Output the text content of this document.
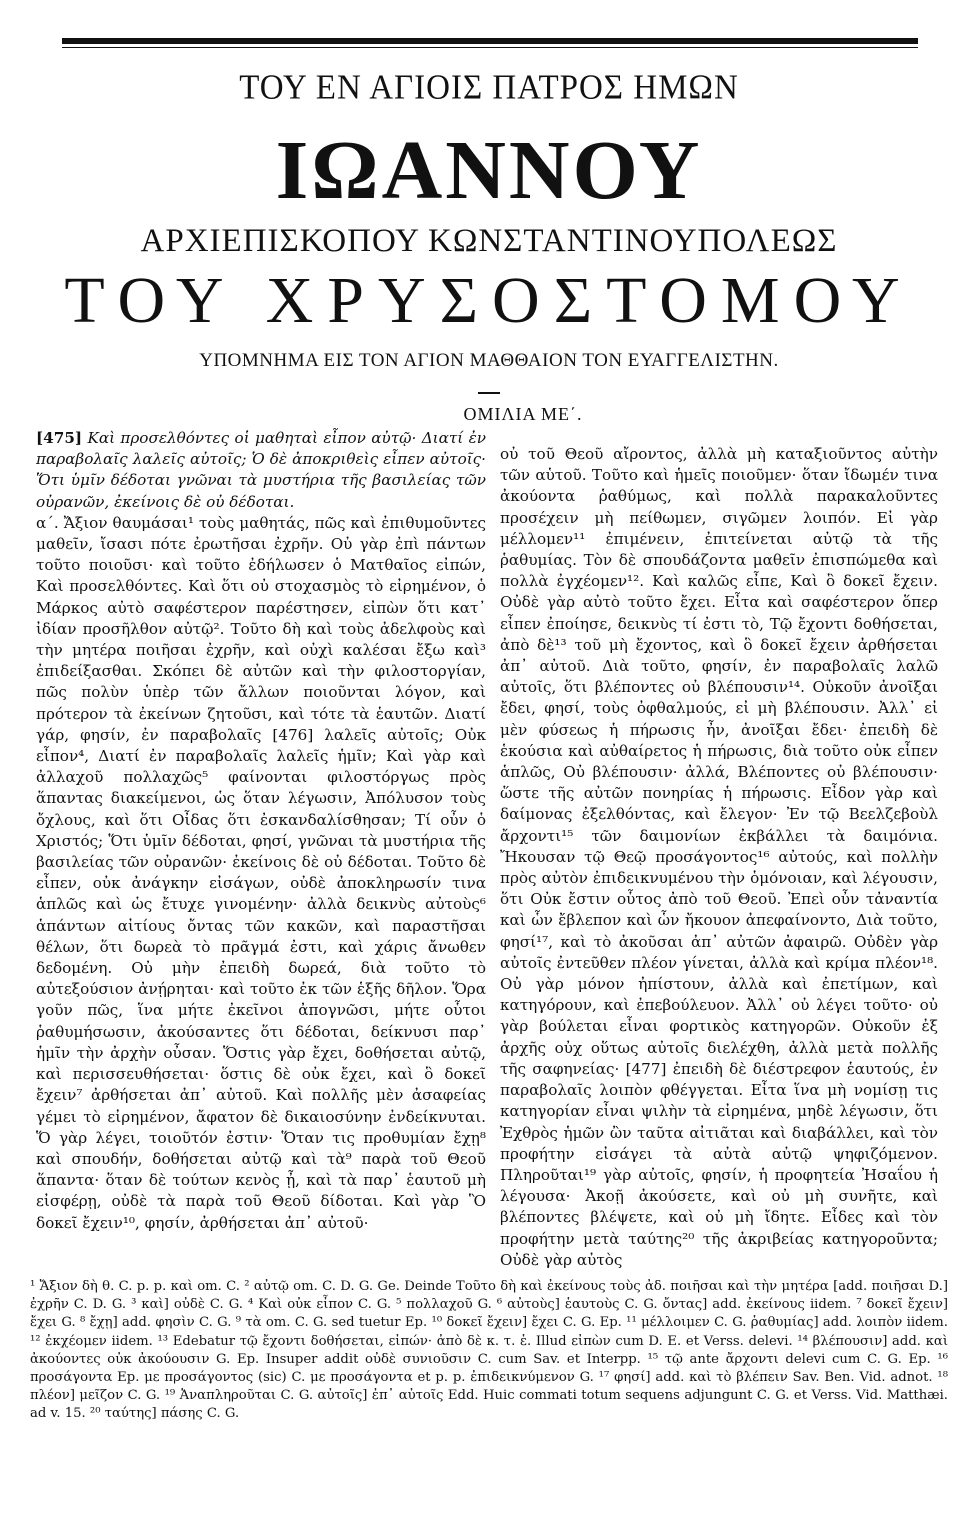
ΤΟΥ ΕΝ ΑΓΙΟΙΣ ΠΑΤΡΟΣ ΗΜΩΝ
ΙΩΑΝΝΟΥ
ΑΡΧΙΕΠΙΣΚΟΠΟΥ ΚΩΝΣΤΑΝΤΙΝΟΥΠΟΛΕΩΣ
ΤΟΥ ΧΡΥΣΟΣΤΟΜΟΥ
ΥΠΟΜΝΗΜΑ ΕΙΣ ΤΟΝ ΑΓΙΟΝ ΜΑΘΘΑΙΟΝ ΤΟΝ ΕΥΑΓΓΕΛΙΣΤΗΝ.
ΟΜΙΛΙΑ ΜΕ΄.

[475] Καὶ προσελθόντες οἱ μαθηταὶ εἶπον αὐτῷ· Διατί ἐν παραβολαῖς λαλεῖς αὐτοῖς; Ὁ δὲ ἀποκριθεὶς εἶπεν αὐτοῖς· Ὅτι ὑμῖν δέδοται γνῶναι τὰ μυστήρια τῆς βασιλείας τῶν οὐρανῶν, ἐκείνοις δὲ οὐ δέδοται.

α΄. Ἄξιον θαυμάσαι¹ τοὺς μαθητάς, πῶς καὶ ἐπιθυμοῦντες μαθεῖν, ἴσασι πότε ἐρωτῆσαι ἐχρῆν. Οὐ γὰρ ἐπὶ πάντων τοῦτο ποιοῦσι· καὶ τοῦτο ἐδήλωσεν ὁ Ματθαῖος εἰπών, Καὶ προσελθόντες. Καὶ ὅτι οὐ στοχασμὸς τὸ εἰρημένον, ὁ Μάρκος αὐτὸ σαφέστερον παρέστησεν, εἰπὼν ὅτι κατ᾽ ἰδίαν προσῆλθον αὐτῷ². Τοῦτο δὴ καὶ τοὺς ἀδελφοὺς καὶ τὴν μητέρα ποιῆσαι ἐχρῆν, καὶ οὐχὶ καλέσαι ἔξω καὶ³ ἐπιδείξασθαι. Σκόπει δὲ αὐτῶν καὶ τὴν φιλοστοργίαν, πῶς πολὺν ὑπὲρ τῶν ἄλλων ποιοῦνται λόγον, καὶ πρότερον τὰ ἐκείνων ζητοῦσι, καὶ τότε τὰ ἑαυτῶν. Διατί γάρ, φησίν, ἐν παραβολαῖς [476] λαλεῖς αὐτοῖς; Οὐκ εἶπον⁴, Διατί ἐν παραβολαῖς λαλεῖς ἡμῖν; Καὶ γὰρ καὶ ἀλλαχοῦ πολλαχῶς⁵ φαίνονται φιλοστόργως πρὸς ἅπαντας διακείμενοι, ὡς ὅταν λέγωσιν, Ἀπόλυσον τοὺς ὄχλους, καὶ ὅτι Οἶδας ὅτι ἐσκανδαλίσθησαν; Τί οὖν ὁ Χριστός; Ὅτι ὑμῖν δέδοται, φησί, γνῶναι τὰ μυστήρια τῆς βασιλείας τῶν οὐρανῶν· ἐκείνοις δὲ οὐ δέδοται. Τοῦτο δὲ εἶπεν, οὐκ ἀνάγκην εἰσάγων, οὐδὲ ἀποκληρωσίν τινα ἁπλῶς καὶ ὡς ἔτυχε γινομένην· ἀλλὰ δεικνὺς αὐτοὺς⁶ ἁπάντων αἰτίους ὄντας τῶν κακῶν, καὶ παραστῆσαι θέλων, ὅτι δωρεὰ τὸ πρᾶγμά ἐστι, καὶ χάρις ἄνωθεν δεδομένη. Οὐ μὴν ἐπειδὴ δωρεά, διὰ τοῦτο τὸ αὐτεξούσιον ἀνῄρηται· καὶ τοῦτο ἐκ τῶν ἑξῆς δῆλον. Ὅρα γοῦν πῶς, ἵνα μήτε ἐκεῖνοι ἀπογνῶσι, μήτε οὗτοι ῥαθυμήσωσιν, ἀκούσαντες ὅτι δέδοται, δείκνυσι παρ᾽ ἡμῖν τὴν ἀρχὴν οὖσαν. Ὅστις γὰρ ἔχει, δοθήσεται αὐτῷ, καὶ περισσευθήσεται· ὅστις δὲ οὐκ ἔχει, καὶ ὃ δοκεῖ ἔχειν⁷ ἀρθήσεται ἀπ᾽ αὐτοῦ. Καὶ πολλῆς μὲν ἀσαφείας γέμει τὸ εἰρημένον, ἄφατον δὲ δικαιοσύνην ἐνδείκνυται. Ὅ γὰρ λέγει, τοιοῦτόν ἐστιν· Ὅταν τις προθυμίαν ἔχῃ⁸ καὶ σπουδήν, δοθήσεται αὐτῷ καὶ τὰ⁹ παρὰ τοῦ Θεοῦ ἅπαντα· ὅταν δὲ τούτων κενὸς ᾖ, καὶ τὰ παρ᾽ ἑαυτοῦ μὴ εἰσφέρῃ, οὐδὲ τὰ παρὰ τοῦ Θεοῦ δίδοται. Καὶ γὰρ Ὃ δοκεῖ ἔχειν¹⁰, φησίν, ἀρθήσεται ἀπ᾽ αὐτοῦ·

οὐ τοῦ Θεοῦ αἴροντος, ἀλλὰ μὴ καταξιοῦντος αὐτὴν τῶν αὑτοῦ. Τοῦτο καὶ ἡμεῖς ποιοῦμεν· ὅταν ἴδωμέν τινα ἀκούοντα ῥαθύμως, καὶ πολλὰ παρακαλοῦντες προσέχειν μὴ πείθωμεν, σιγῶμεν λοιπόν. Εἰ γὰρ μέλλομεν¹¹ ἐπιμένειν, ἐπιτείνεται αὐτῷ τὰ τῆς ῥαθυμίας. Τὸν δὲ σπουδάζοντα μαθεῖν ἐπισπώμεθα καὶ πολλὰ ἐγχέομεν¹². Καὶ καλῶς εἶπε, Καὶ ὃ δοκεῖ ἔχειν. Οὐδὲ γὰρ αὐτὸ τοῦτο ἔχει. Εἶτα καὶ σαφέστερον ὅπερ εἶπεν ἐποίησε, δεικνὺς τί ἐστι τὸ, Τῷ ἔχοντι δοθήσεται, ἀπὸ δὲ¹³ τοῦ μὴ ἔχοντος, καὶ ὃ δοκεῖ ἔχειν ἀρθήσεται ἀπ᾽ αὐτοῦ. Διὰ τοῦτο, φησίν, ἐν παραβολαῖς λαλῶ αὐτοῖς, ὅτι βλέποντες οὐ βλέπουσιν¹⁴. Οὐκοῦν ἀνοῖξαι ἔδει, φησί, τοὺς ὀφθαλμούς, εἰ μὴ βλέπουσιν. Ἀλλ᾽ εἰ μὲν φύσεως ἡ πήρωσις ἦν, ἀνοῖξαι ἔδει· ἐπειδὴ δὲ ἑκούσια καὶ αὐθαίρετος ἡ πήρωσις, διὰ τοῦτο οὐκ εἶπεν ἁπλῶς, Οὐ βλέπουσιν· ἀλλά, Βλέποντες οὐ βλέπουσιν· ὥστε τῆς αὐτῶν πονηρίας ἡ πήρωσις. Εἶδον γὰρ καὶ δαίμονας ἐξελθόντας, καὶ ἔλεγον· Ἐν τῷ Βεελζεβοὺλ ἄρχοντι¹⁵ τῶν δαιμονίων ἐκβάλλει τὰ δαιμόνια. Ἤκουσαν τῷ Θεῷ προσάγοντος¹⁶ αὐτούς, καὶ πολλὴν πρὸς αὐτὸν ἐπιδεικνυμένου τὴν ὁμόνοιαν, καὶ λέγουσιν, ὅτι Οὐκ ἔστιν οὗτος ἀπὸ τοῦ Θεοῦ. Ἐπεὶ οὖν τἀναντία καὶ ὧν ἔβλεπον καὶ ὧν ἤκουον ἀπεφαίνοντο, Διὰ τοῦτο, φησί¹⁷, καὶ τὸ ἀκοῦσαι ἀπ᾽ αὐτῶν ἀφαιρῶ. Οὐδὲν γὰρ αὐτοῖς ἐντεῦθεν πλέον γίνεται, ἀλλὰ καὶ κρίμα πλέον¹⁸. Οὐ γὰρ μόνον ἠπίστουν, ἀλλὰ καὶ ἐπετίμων, καὶ κατηγόρουν, καὶ ἐπεβούλευον. Ἀλλ᾽ οὐ λέγει τοῦτο· οὐ γὰρ βούλεται εἶναι φορτικὸς κατηγορῶν. Οὐκοῦν ἐξ ἀρχῆς οὐχ οὕτως αὐτοῖς διελέχθη, ἀλλὰ μετὰ πολλῆς τῆς σαφηνείας· [477] ἐπειδὴ δὲ διέστρεφον ἑαυτούς, ἐν παραβολαῖς λοιπὸν φθέγγεται. Εἶτα ἵνα μὴ νομίσῃ τις κατηγορίαν εἶναι ψιλὴν τὰ εἰρημένα, μηδὲ λέγωσιν, ὅτι Ἐχθρὸς ἡμῶν ὢν ταῦτα αἰτιᾶται καὶ διαβάλλει, καὶ τὸν προφήτην εἰσάγει τὰ αὐτὰ αὐτῷ ψηφιζόμενον. Πληροῦται¹⁹ γὰρ αὐτοῖς, φησίν, ἡ προφητεία Ἠσαΐου ἡ λέγουσα· Ἀκοῇ ἀκούσετε, καὶ οὐ μὴ συνῆτε, καὶ βλέποντες βλέψετε, καὶ οὐ μὴ ἴδητε. Εἶδες καὶ τὸν προφήτην μετὰ ταύτης²⁰ τῆς ἀκριβείας κατηγοροῦντα; Οὐδὲ γὰρ αὐτὸς

¹ Ἄξιον δὴ θ. C. p. p. καὶ om. C. ² αὐτῷ om. C. D. G. Ge. Deinde Τοῦτο δὴ καὶ ἐκείνους τοὺς ἀδ. ποιῆσαι καὶ τὴν μητέρα [add. ποιῆσαι D.] ἐχρῆν C. D. G. ³ καὶ] οὐδὲ C. G. ⁴ Καὶ οὐκ εἶπον C. G. ⁵ πολλαχοῦ G. ⁶ αὐτοὺς] ἑαυτοὺς C. G. ὄντας] add. ἐκείνους iidem. ⁷ δοκεῖ ἔχειν] ἔχει G. ⁸ ἔχῃ] add. φησὶν C. G. ⁹ τὰ om. C. G. sed tuetur Ep. ¹⁰ δοκεῖ ἔχειν] ἔχει C. G. Ep. ¹¹ μέλλοιμεν C. G. ῥαθυμίας] add. λοιπὸν iidem. ¹² ἐκχέομεν iidem. ¹³ Edebatur τῷ ἔχοντι δοθήσεται, εἰπών· ἀπὸ δὲ κ. τ. ἑ. Illud εἰπὼν cum D. E. et Verss. delevi. ¹⁴ βλέπουσιν] add. καὶ ἀκούοντες οὐκ ἀκούουσιν G. Ep. Insuper addit οὐδὲ συνιοῦσιν C. cum Sav. et Interpp. ¹⁵ τῷ ante ἄρχοντι delevi cum C. G. Ep. ¹⁶ προσάγοντα Ep. με προσάγοντος (sic) C. με προσάγοντα et p. p. ἐπιδεικνύμενον G. ¹⁷ φησί] add. καὶ τὸ βλέπειν Sav. Ben. Vid. adnot. ¹⁸ πλέον] μεῖζον C. G. ¹⁹ Ἀναπληροῦται C. G. αὐτοῖς] ἐπ᾽ αὐτοῖς Edd. Huic commati totum sequens adjungunt C. G. et Verss. Vid. Matthæi. ad v. 15. ²⁰ ταύτης] πάσης C. G.
